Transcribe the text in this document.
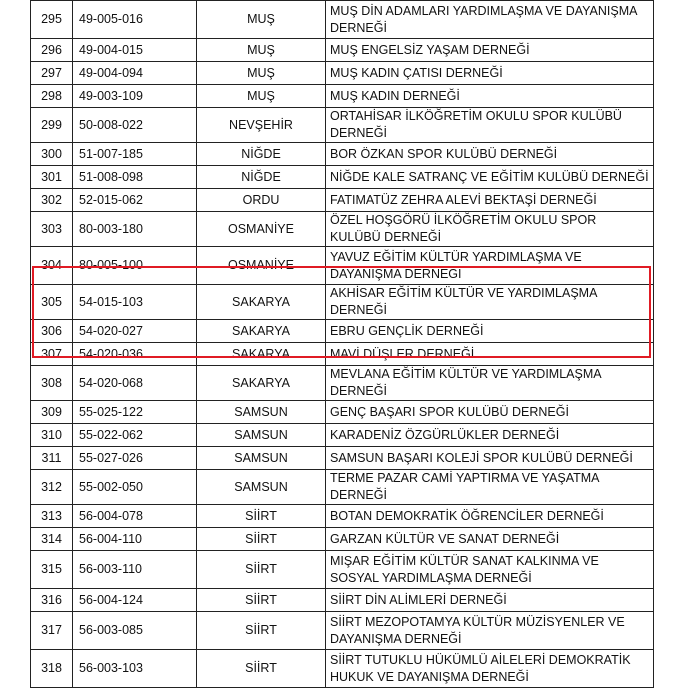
295	49-005-016	MUŞ	MUŞ DİN ADAMLARI YARDIMLAŞMA VE DAYANIŞMA DERNEĞİ
296	49-004-015	MUŞ	MUŞ ENGELSİZ YAŞAM DERNEĞİ
297	49-004-094	MUŞ	MUŞ KADIN ÇATISI DERNEĞİ
298	49-003-109	MUŞ	MUŞ KADIN DERNEĞİ
299	50-008-022	NEVŞEHİR	ORTAHİSAR İLKÖĞRETİM OKULU SPOR KULÜBÜ DERNEĞİ
300	51-007-185	NİĞDE	BOR ÖZKAN SPOR KULÜBÜ DERNEĞİ
301	51-008-098	NİĞDE	NİĞDE KALE SATRANÇ VE EĞİTİM KULÜBÜ DERNEĞİ
302	52-015-062	ORDU	FATIMATÜZ ZEHRA ALEVİ BEKTAŞİ DERNEĞİ
303	80-003-180	OSMANİYE	ÖZEL HOŞGÖRÜ İLKÖĞRETİM OKULU SPOR KULÜBÜ DERNEĞİ
304	80-005-100	OSMANİYE	YAVUZ EĞİTİM KÜLTÜR YARDIMLAŞMA VE DAYANIŞMA DERNEĞİ
305	54-015-103	SAKARYA	AKHİSAR EĞİTİM KÜLTÜR VE YARDIMLAŞMA DERNEĞİ
306	54-020-027	SAKARYA	EBRU GENÇLİK DERNEĞİ
307	54-020-036	SAKARYA	MAVİ DÜŞLER DERNEĞİ
308	54-020-068	SAKARYA	MEVLANA EĞİTİM KÜLTÜR VE YARDIMLAŞMA DERNEĞİ
309	55-025-122	SAMSUN	GENÇ BAŞARI SPOR KULÜBÜ DERNEĞİ
310	55-022-062	SAMSUN	KARADENİZ ÖZGÜRLÜKLER DERNEĞİ
311	55-027-026	SAMSUN	SAMSUN BAŞARI KOLEJİ SPOR KULÜBÜ DERNEĞİ
312	55-002-050	SAMSUN	TERME PAZAR CAMİ YAPTIRMA VE YAŞATMA DERNEĞİ
313	56-004-078	SİİRT	BOTAN DEMOKRATİK ÖĞRENCİLER DERNEĞİ
314	56-004-110	SİİRT	GARZAN KÜLTÜR VE SANAT DERNEĞİ
315	56-003-110	SİİRT	MIŞAR EĞİTİM KÜLTÜR SANAT KALKINMA VE SOSYAL YARDIMLAŞMA DERNEĞİ
316	56-004-124	SİİRT	SİİRT DİN ALİMLERİ DERNEĞİ
317	56-003-085	SİİRT	SİİRT MEZOPOTAMYA KÜLTÜR MÜZİSYENLER VE DAYANIŞMA DERNEĞİ
318	56-003-103	SİİRT	SİİRT TUTUKLU HÜKÜMLÜ AİLELERİ DEMOKRATİK HUKUK VE DAYANIŞMA DERNEĞİ
